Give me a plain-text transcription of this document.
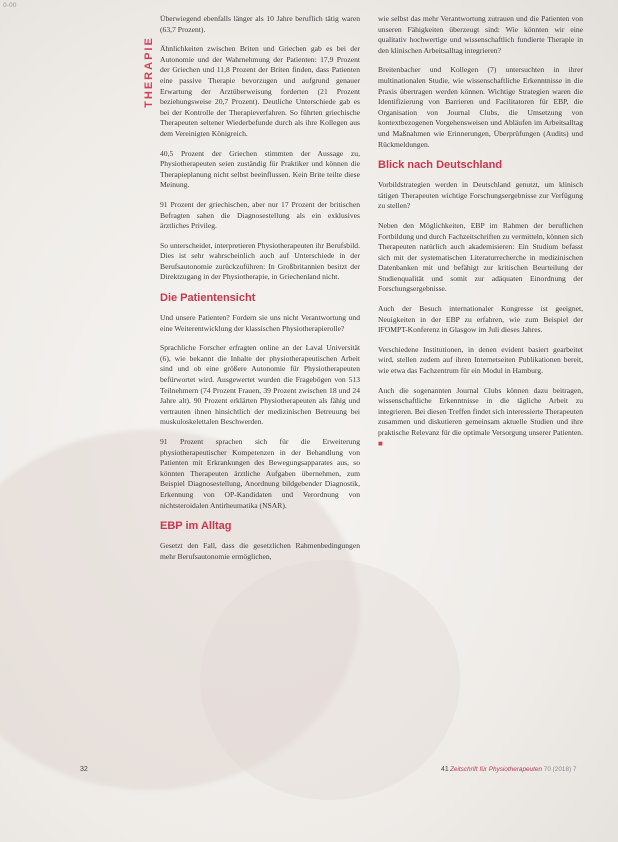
0-00
THERAPIE

Überwiegend ebenfalls länger als 10 Jahre beruflich tätig waren (63,7 Prozent).

Ähnlichkeiten zwischen Briten und Griechen gab es bei der Autonomie und der Wahrnehmung der Patienten: 17,9 Prozent der Griechen und 11,8 Prozent der Briten finden, dass Patienten eine passive Therapie bevorzugen und aufgrund genauer Erwartung der Arztüberweisung forderten (21 Prozent beziehungsweise 20,7 Prozent). Deutliche Unterschiede gab es bei der Kontrolle der Therapieverfahren. So führten griechische Therapeuten seltener Wiederbefunde durch als ihre Kollegen aus dem Vereinigten Königreich.

40,5 Prozent der Griechen stimmten der Aussage zu, Physiotherapeuten seien zuständig für Praktiker und können die Therapieplanung nicht selbst beeinflussen. Kein Brite teilte diese Meinung.

91 Prozent der griechischen, aber nur 17 Prozent der britischen Befragten sahen die Diagnosestellung als ein exklusives ärztliches Privileg.

So unterscheidet, interpretieren Physiotherapeuten ihr Berufsbild. Dies ist sehr wahrscheinlich auch auf Unterschiede in der Berufsautonomie zurückzuführen: In Großbritannien besitzt der Direktzugang in der Physiotherapie, in Griechenland nicht.

Die Patientensicht

Und unsere Patienten? Fordern sie uns nicht Verantwortung und eine Weiterentwicklung der klassischen Physiotherapierolle?

Sprachliche Forscher erfragten online an der Laval Universität (6), wie bekannt die Inhalte der physiotherapeutischen Arbeit sind und ob eine größere Autonomie für Physiotherapeuten befürwortet wird. Ausgewertet wurden die Fragebögen von 513 Teilnehmern (74 Prozent Frauen, 39 Prozent zwischen 18 und 24 Jahre alt). 90 Prozent erklärten Physiotherapeuten als fähig und vertrauten ihnen hinsichtlich der medizinischen Betreuung bei muskuloskelettalen Beschwerden.

91 Prozent sprachen sich für die Erweiterung physiotherapeutischer Kompetenzen in der Behandlung von Patienten mit Erkrankungen des Bewegungsapparates aus, so könnten Therapeuten ärztliche Aufgaben übernehmen, zum Beispiel Diagnosestellung, Anordnung bildgebender Diagnostik, Erkennung von OP-Kandidaten und Verordnung von nichtsteroidalen Antirheumatika (NSAR).

EBP im Alltag

Gesetzt den Fall, dass die gesetzlichen Rahmenbedingungen mehr Berufsautonomie ermöglichen,

wie selbst das mehr Verantwortung zutrauen und die Patienten von unseren Fähigkeiten überzeugt sind: Wie könnten wir eine qualitativ hochwertige und wissenschaftlich fundierte Therapie in den klinischen Arbeitsalltag integrieren?

Breitenbacher und Kollegen (7) untersuchten in ihrer multinationalen Studie, wie wissenschaftliche Erkenntnisse in die Praxis übertragen werden können. Wichtige Strategien waren die Identifizierung von Barrieren und Facilitatoren für EBP, die Organisation von Journal Clubs, die Umsetzung von kontextbezogenen Vorgehensweisen und Abläufen im Arbeitsalltag und Maßnahmen wie Erinnerungen, Überprüfungen (Audits) und Rückmeldungen.

Blick nach Deutschland

Vorbildstrategien werden in Deutschland genutzt, um klinisch tätigen Therapeuten wichtige Forschungsergebnisse zur Verfügung zu stellen?

Neben den Möglichkeiten, EBP im Rahmen der beruflichen Fortbildung und durch Fachzeitschriften zu vermitteln, können sich Therapeuten natürlich auch akademisieren: Ein Studium befasst sich mit der systematischen Literaturrecherche in medizinischen Datenbanken mit und befähigt zur kritischen Beurteilung der Studienqualität und somit zur adäquaten Einordnung der Forschungsergebnisse.

Auch der Besuch internationaler Kongresse ist geeignet, Neuigkeiten in der EBP zu erfahren, wie zum Beispiel der IFOMPT-Konferenz in Glasgow im Juli dieses Jahres.

Verschiedene Institutionen, in denen evident basiert gearbeitet wird, stellen zudem auf ihren Internetseiten Publikationen bereit, wie etwa das Fachzentrum für ein Modul in Hamburg.

Auch die sogenannten Journal Clubs können dazu beitragen, wissenschaftliche Erkenntnisse in die tägliche Arbeit zu integrieren. Bei diesen Treffen findet sich interessierte Therapeuten zusammen und diskutieren gemeinsam aktuelle Studien und ihre praktische Relevanz für die optimale Versorgung unserer Patienten. ■

32	41 Zeitschrift für Physiotherapeuten 70 (2018) 7
